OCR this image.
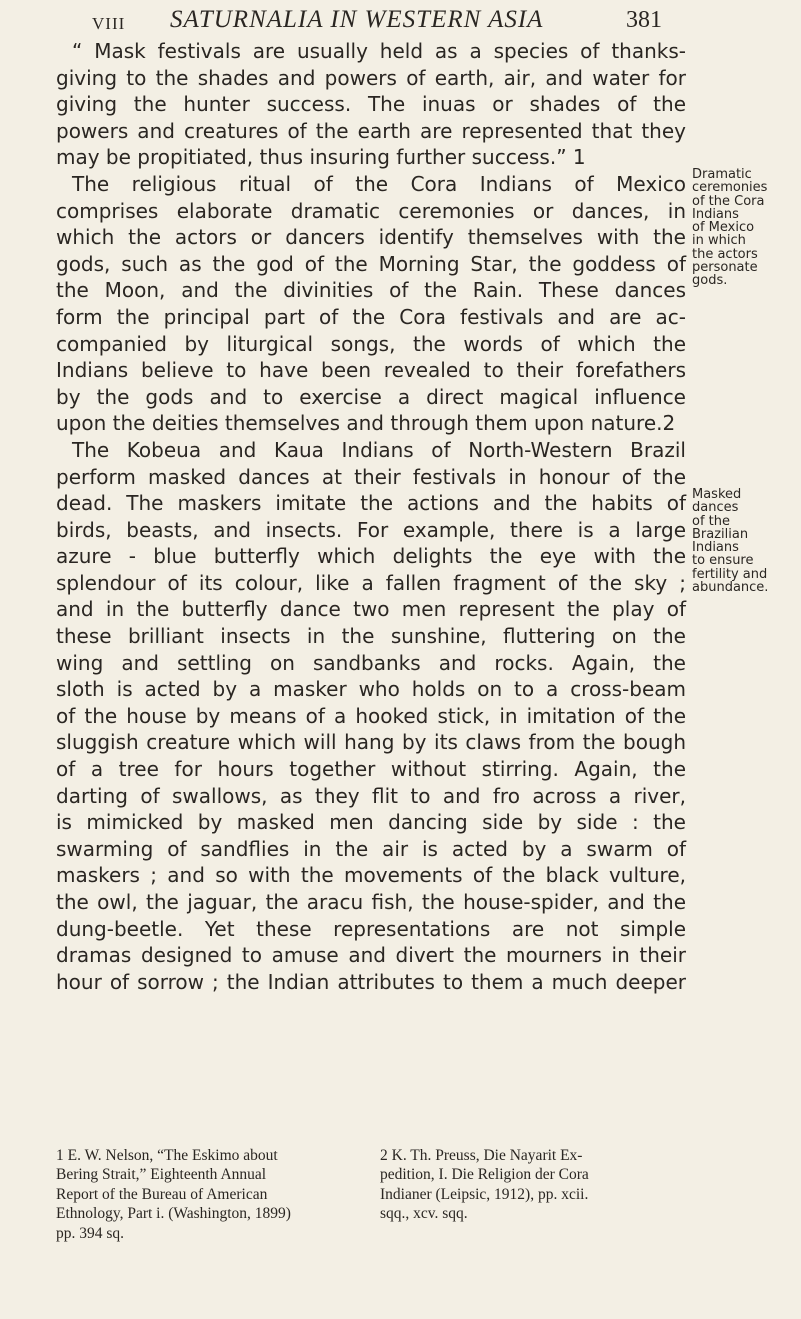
VIII SATURNALIA IN WESTERN ASIA	381
“ Mask festivals are usually held as a species of thanks-
giving to the shades and powers of earth, air, and water for
giving the hunter success. The inuas or shades of the
powers and creatures of the earth are represented that they
may be propitiated, thus insuring further success.” 1
The religious ritual of the Cora Indians of Mexico
comprises elaborate dramatic ceremonies or dances, in
which the actors or dancers identify themselves with the
gods, such as the god of the Morning Star, the goddess of
the Moon, and the divinities of the Rain. These dances
form the principal part of the Cora festivals and are ac-
companied by liturgical songs, the words of which the
Indians believe to have been revealed to their forefathers
by the gods and to exercise a direct magical influence
upon the deities themselves and through them upon nature.2
The Kobeua and Kaua Indians of North-Western Brazil
perform masked dances at their festivals in honour of the
dead. The maskers imitate the actions and the habits of
birds, beasts, and insects. For example, there is a large
azure - blue butterfly which delights the eye with the
splendour of its colour, like a fallen fragment of the sky ;
and in the butterfly dance two men represent the play of
these brilliant insects in the sunshine, fluttering on the
wing and settling on sandbanks and rocks. Again, the
sloth is acted by a masker who holds on to a cross-beam
of the house by means of a hooked stick, in imitation of the
sluggish creature which will hang by its claws from the bough
of a tree for hours together without stirring. Again, the
darting of swallows, as they flit to and fro across a river,
is mimicked by masked men dancing side by side : the
swarming of sandflies in the air is acted by a swarm of
maskers ; and so with the movements of the black vulture,
the owl, the jaguar, the aracu fish, the house-spider, and the
dung-beetle. Yet these representations are not simple
dramas designed to amuse and divert the mourners in their
hour of sorrow ; the Indian attributes to them a much deeper
Dramatic
ceremonies
of the Cora
Indians
of Mexico
in which
the actors
personate
gods.
Masked
dances
of the
Brazilian
Indians
to ensure
fertility and
abundance.
1 E. W. Nelson, “The Eskimo about
Bering Strait,” Eighteenth Annual
Report of the Bureau of American
Ethnology, Part i. (Washington, 1899)
pp. 394 sq.
2 K. Th. Preuss, Die Nayarit Ex-
pedition, I. Die Religion der Cora
Indianer (Leipsic, 1912), pp. xcii.
sqq., xcv. sqq.
